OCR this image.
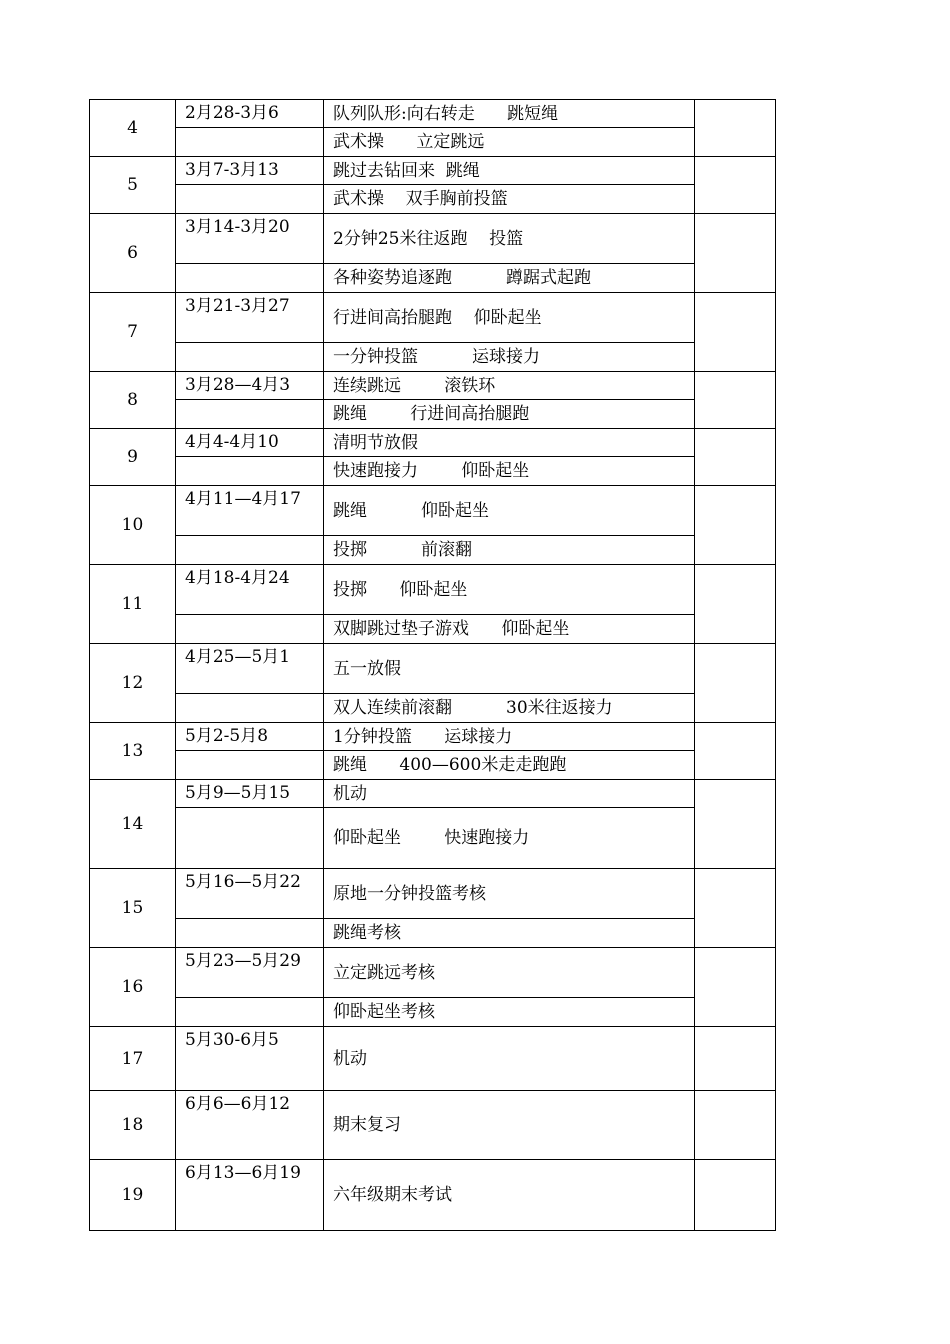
4	2月28-3月6	队列队形:向右转走      跳短绳	
		武术操      立定跳远	
5	3月7-3月13	跳过去钻回来  跳绳	
		武术操    双手胸前投篮	
6	3月14-3月20	2分钟25米往返跑    投篮	
		各种姿势追逐跑          蹲踞式起跑	
7	3月21-3月27	行进间高抬腿跑    仰卧起坐	
		一分钟投篮          运球接力	
8	3月28—4月3	连续跳远        滚铁环	
		跳绳        行进间高抬腿跑	
9	4月4-4月10	清明节放假	
		快速跑接力        仰卧起坐	
10	4月11—4月17	跳绳          仰卧起坐	
		投掷          前滚翻	
11	4月18-4月24	投掷      仰卧起坐	
		双脚跳过垫子游戏      仰卧起坐	
12	4月25—5月1	五一放假	
		双人连续前滚翻          30米往返接力	
13	5月2-5月8	1分钟投篮      运球接力	
		跳绳      400—600米走走跑跑	
14	5月9—5月15	机动	
		仰卧起坐        快速跑接力	
15	5月16—5月22	原地一分钟投篮考核	
		跳绳考核	
16	5月23—5月29	立定跳远考核	
		仰卧起坐考核	
17	5月30-6月5	机动	
18	6月6—6月12	期末复习	
19	6月13—6月19	六年级期末考试	
